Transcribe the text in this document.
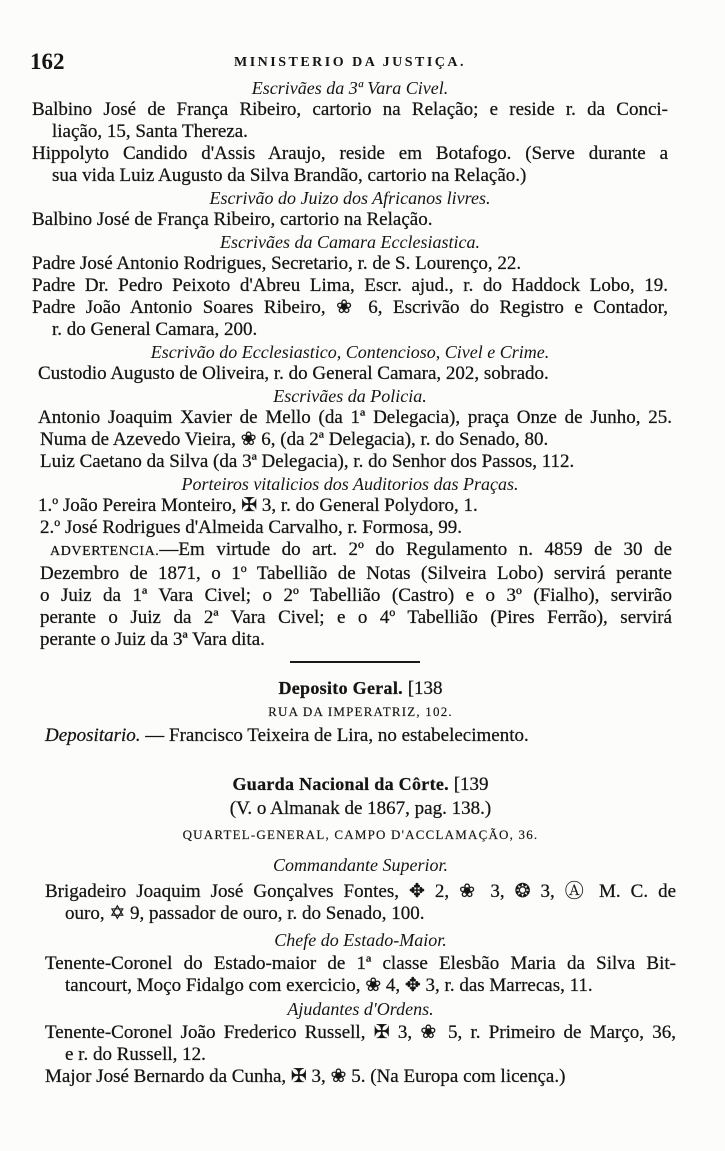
162	MINISTERIO DA JUSTIÇA.
Escrivães da 3ª Vara Civel.
Balbino José de França Ribeiro, cartorio na Relação; e reside r. da Conci-
liação, 15, Santa Thereza.
Hippolyto Candido d'Assis Araujo, reside em Botafogo. (Serve durante a
sua vida Luiz Augusto da Silva Brandão, cartorio na Relação.)
Escrivão do Juizo dos Africanos livres.
Balbino José de França Ribeiro, cartorio na Relação.
Escrivães da Camara Ecclesiastica.
Padre José Antonio Rodrigues, Secretario, r. de S. Lourenço, 22.
Padre Dr. Pedro Peixoto d'Abreu Lima, Escr. ajud., r. do Haddock Lobo, 19.
Padre João Antonio Soares Ribeiro, ❀ 6, Escrivão do Registro e Contador,
r. do General Camara, 200.
Escrivão do Ecclesiastico, Contencioso, Civel e Crime.
Custodio Augusto de Oliveira, r. do General Camara, 202, sobrado.
Escrivães da Policia.
Antonio Joaquim Xavier de Mello (da 1ª Delegacia), praça Onze de Junho, 25.
Numa de Azevedo Vieira, ❀ 6, (da 2ª Delegacia), r. do Senado, 80.
Luiz Caetano da Silva (da 3ª Delegacia), r. do Senhor dos Passos, 112.
Porteiros vitalicios dos Auditorios das Praças.
1.º João Pereira Monteiro, ✠ 3, r. do General Polydoro, 1.
2.º José Rodrigues d'Almeida Carvalho, r. Formosa, 99.
ADVERTENCIA.—Em virtude do art. 2º do Regulamento n. 4859 de 30 de
Dezembro de 1871, o 1º Tabellião de Notas (Silveira Lobo) servirá perante
o Juiz da 1ª Vara Civel; o 2º Tabellião (Castro) e o 3º (Fialho), servirão
perante o Juiz da 2ª Vara Civel; e o 4º Tabellião (Pires Ferrão), servirá
perante o Juiz da 3ª Vara dita.
Deposito Geral. [138
RUA DA IMPERATRIZ, 102.
Depositario. — Francisco Teixeira de Lira, no estabelecimento.
Guarda Nacional da Côrte. [139
(V. o Almanak de 1867, pag. 138.)
QUARTEL-GENERAL, CAMPO D'ACCLAMAÇÃO, 36.
Commandante Superior.
Brigadeiro Joaquim José Gonçalves Fontes, ✥ 2, ❀ 3, ❂ 3, Ⓐ M. C. de
ouro, ✡ 9, passador de ouro, r. do Senado, 100.
Chefe do Estado-Maior.
Tenente-Coronel do Estado-maior de 1ª classe Elesbão Maria da Silva Bit-
tancourt, Moço Fidalgo com exercicio, ❀ 4, ✥ 3, r. das Marrecas, 11.
Ajudantes d'Ordens.
Tenente-Coronel João Frederico Russell, ✠ 3, ❀ 5, r. Primeiro de Março, 36,
e r. do Russell, 12.
Major José Bernardo da Cunha, ✠ 3, ❀ 5. (Na Europa com licença.)
